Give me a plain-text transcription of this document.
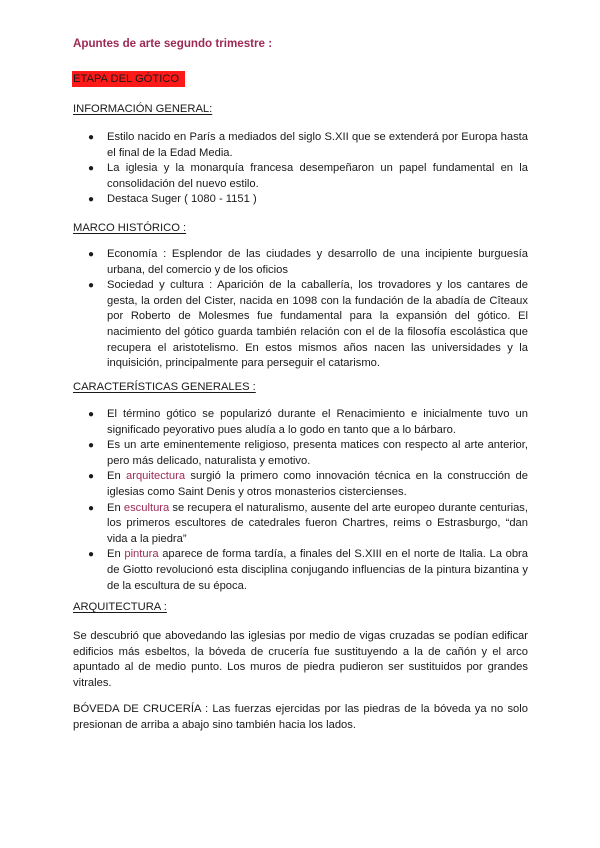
Apuntes de arte segundo trimestre :
ETAPA DEL GÓTICO
INFORMACIÓN GENERAL:
● Estilo nacido en París a mediados del siglo S.XII que se extenderá por Europa hasta el final de la Edad Media.
● La iglesia y la monarquía francesa desempeñaron un papel fundamental en la consolidación del nuevo estilo.
● Destaca Suger ( 1080 - 1151 )
MARCO HISTÓRICO :
● Economía : Esplendor de las ciudades y desarrollo de una incipiente burguesía urbana, del comercio y de los oficios
● Sociedad y cultura : Aparición de la caballería, los trovadores y los cantares de gesta, la orden del Cister, nacida en 1098 con la fundación de la abadía de Cîteaux por Roberto de Molesmes fue fundamental para la expansión del gótico. El nacimiento del gótico guarda también relación con el de la filosofía escolástica que recupera el aristotelismo. En estos mismos años nacen las universidades y la inquisición, principalmente para perseguir el catarismo.
CARACTERÍSTICAS GENERALES :
● El término gótico se popularizó durante el Renacimiento e inicialmente tuvo un significado peyorativo pues aludía a lo godo en tanto que a lo bárbaro.
● Es un arte eminentemente religioso, presenta matices con respecto al arte anterior, pero más delicado, naturalista y emotivo.
● En arquitectura surgió la primero como innovación técnica en la construcción de iglesias como Saint Denis y otros monasterios cistercienses.
● En escultura se recupera el naturalismo, ausente del arte europeo durante centurias, los primeros escultores de catedrales fueron Chartres, reims o Estrasburgo, “dan vida a la piedra”
● En pintura aparece de forma tardía, a finales del S.XIII en el norte de Italia. La obra de Giotto revolucionó esta disciplina conjugando influencias de la pintura bizantina y de la escultura de su época.
ARQUITECTURA :
Se descubrió que abovedando las iglesias por medio de vigas cruzadas se podían edificar edificios más esbeltos, la bóveda de crucería fue sustituyendo a la de cañón y el arco apuntado al de medio punto. Los muros de piedra pudieron ser sustituidos por grandes vitrales.
BÓVEDA DE CRUCERÍA : Las fuerzas ejercidas por las piedras de la bóveda ya no solo presionan de arriba a abajo sino también hacia los lados.
